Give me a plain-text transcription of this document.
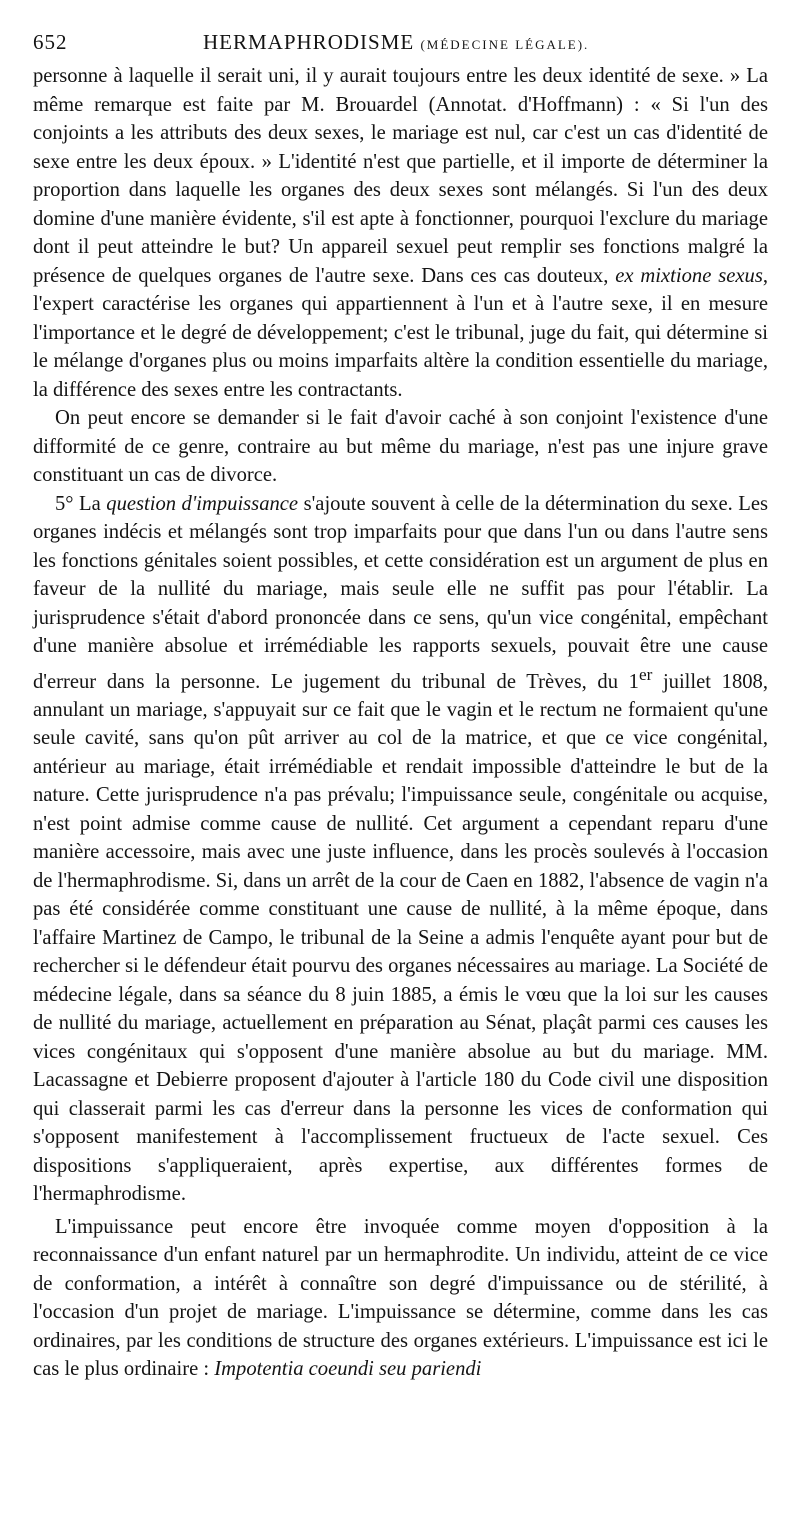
652	HERMAPHRODISME (MÉDECINE LÉGALE).

personne à laquelle il serait uni, il y aurait toujours entre les deux identité de sexe. » La même remarque est faite par M. Brouardel (Annotat. d'Hoffmann) : « Si l'un des conjoints a les attributs des deux sexes, le mariage est nul, car c'est un cas d'identité de sexe entre les deux époux. » L'identité n'est que partielle, et il importe de déterminer la proportion dans laquelle les organes des deux sexes sont mélangés. Si l'un des deux domine d'une manière évidente, s'il est apte à fonctionner, pourquoi l'exclure du mariage dont il peut atteindre le but? Un appareil sexuel peut remplir ses fonctions malgré la présence de quelques organes de l'autre sexe. Dans ces cas douteux, ex mixtione sexus, l'expert caractérise les organes qui appartiennent à l'un et à l'autre sexe, il en mesure l'importance et le degré de développement; c'est le tribunal, juge du fait, qui détermine si le mélange d'organes plus ou moins imparfaits altère la condition essentielle du mariage, la différence des sexes entre les contractants.

On peut encore se demander si le fait d'avoir caché à son conjoint l'existence d'une difformité de ce genre, contraire au but même du mariage, n'est pas une injure grave constituant un cas de divorce.

5° La question d'impuissance s'ajoute souvent à celle de la détermination du sexe. Les organes indécis et mélangés sont trop imparfaits pour que dans l'un ou dans l'autre sens les fonctions génitales soient possibles, et cette considération est un argument de plus en faveur de la nullité du mariage, mais seule elle ne suffit pas pour l'établir. La jurisprudence s'était d'abord prononcée dans ce sens, qu'un vice congénital, empêchant d'une manière absolue et irrémédiable les rapports sexuels, pouvait être une cause d'erreur dans la personne. Le jugement du tribunal de Trèves, du 1er juillet 1808, annulant un mariage, s'appuyait sur ce fait que le vagin et le rectum ne formaient qu'une seule cavité, sans qu'on pût arriver au col de la matrice, et que ce vice congénital, antérieur au mariage, était irrémédiable et rendait impossible d'atteindre le but de la nature. Cette jurisprudence n'a pas prévalu; l'impuissance seule, congénitale ou acquise, n'est point admise comme cause de nullité. Cet argument a cependant reparu d'une manière accessoire, mais avec une juste influence, dans les procès soulevés à l'occasion de l'hermaphrodisme. Si, dans un arrêt de la cour de Caen en 1882, l'absence de vagin n'a pas été considérée comme constituant une cause de nullité, à la même époque, dans l'affaire Martinez de Campo, le tribunal de la Seine a admis l'enquête ayant pour but de rechercher si le défendeur était pourvu des organes nécessaires au mariage. La Société de médecine légale, dans sa séance du 8 juin 1885, a émis le vœu que la loi sur les causes de nullité du mariage, actuellement en préparation au Sénat, plaçât parmi ces causes les vices congénitaux qui s'opposent d'une manière absolue au but du mariage. MM. Lacassagne et Debierre proposent d'ajouter à l'article 180 du Code civil une disposition qui classerait parmi les cas d'erreur dans la personne les vices de conformation qui s'opposent manifestement à l'accomplissement fructueux de l'acte sexuel. Ces dispositions s'appliqueraient, après expertise, aux différentes formes de l'hermaphrodisme.

L'impuissance peut encore être invoquée comme moyen d'opposition à la reconnaissance d'un enfant naturel par un hermaphrodite. Un individu, atteint de ce vice de conformation, a intérêt à connaître son degré d'impuissance ou de stérilité, à l'occasion d'un projet de mariage. L'impuissance se détermine, comme dans les cas ordinaires, par les conditions de structure des organes extérieurs. L'impuissance est ici le cas le plus ordinaire : Impotentia coeundi seu pariendi
